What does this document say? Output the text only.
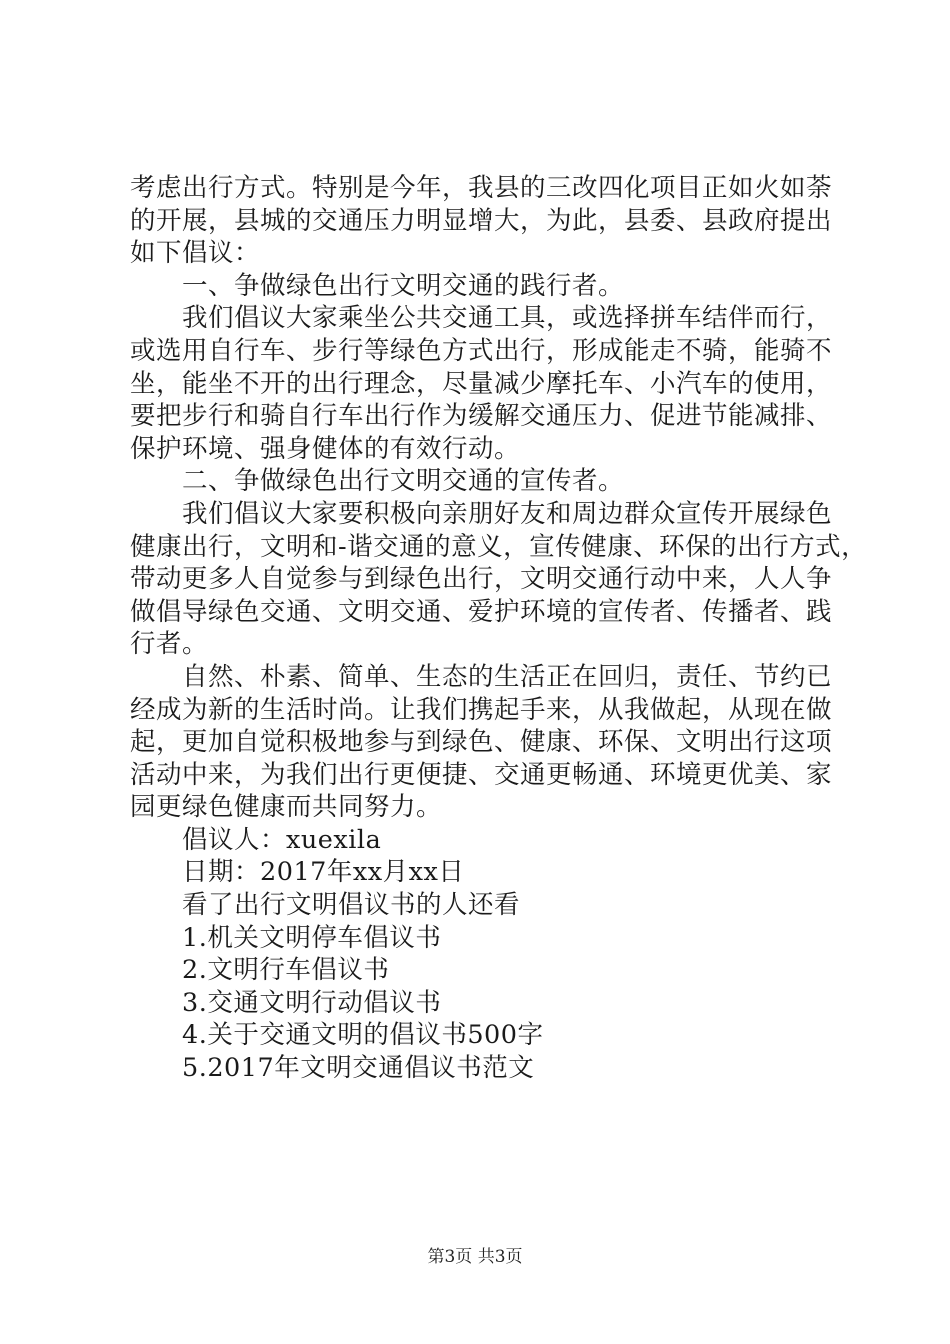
考虑出行方式。特别是今年，我县的三改四化项目正如火如荼
的开展，县城的交通压力明显增大，为此，县委、县政府提出
如下倡议：
一、争做绿色出行文明交通的践行者。
我们倡议大家乘坐公共交通工具，或选择拼车结伴而行，
或选用自行车、步行等绿色方式出行，形成能走不骑，能骑不
坐，能坐不开的出行理念，尽量减少摩托车、小汽车的使用，
要把步行和骑自行车出行作为缓解交通压力、促进节能减排、
保护环境、强身健体的有效行动。
二、争做绿色出行文明交通的宣传者。
我们倡议大家要积极向亲朋好友和周边群众宣传开展绿色
健康出行，文明和-谐交通的意义，宣传健康、环保的出行方式，
带动更多人自觉参与到绿色出行，文明交通行动中来，人人争
做倡导绿色交通、文明交通、爱护环境的宣传者、传播者、践
行者。
自然、朴素、简单、生态的生活正在回归，责任、节约已
经成为新的生活时尚。让我们携起手来，从我做起，从现在做
起，更加自觉积极地参与到绿色、健康、环保、文明出行这项
活动中来，为我们出行更便捷、交通更畅通、环境更优美、家
园更绿色健康而共同努力。
倡议人：xuexila
日期：2017年xx月xx日
看了出行文明倡议书的人还看
1.机关文明停车倡议书
2.文明行车倡议书
3.交通文明行动倡议书
4.关于交通文明的倡议书500字
5.2017年文明交通倡议书范文
第3页 共3页
